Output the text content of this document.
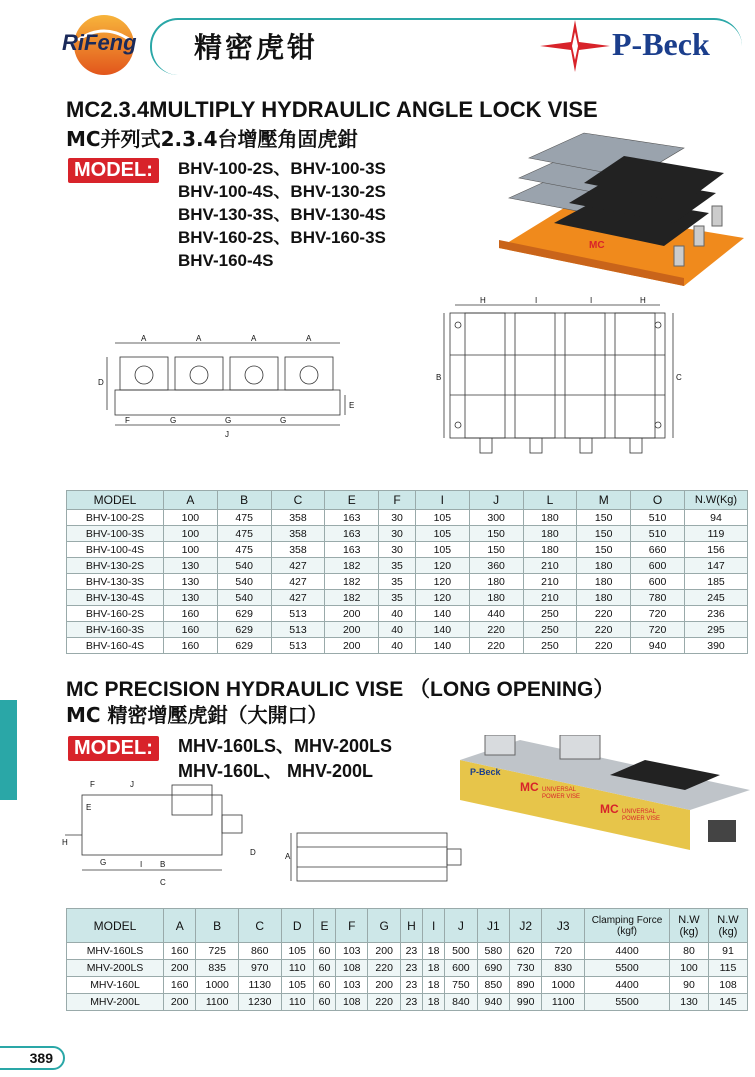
RiFeng 精密虎钳	P-Beck
MC2.3.4MULTIPLY HYDRAULIC ANGLE LOCK VISE
MC并列式2.3.4台增壓角固虎鉗
MODEL:	BHV-100-2S、BHV-100-3S
BHV-100-4S、BHV-130-2S
BHV-130-3S、BHV-130-4S
BHV-160-2S、BHV-160-3S
BHV-160-4S
MC
A	A	A	A
D
E
F	G	G	G
J
H	I	I	H
B	C
MODEL	A	B	C	E	F	I	J	L	M	O	N.W(Kg)
BHV-100-2S	100	475	358	163	30	105	300	180	150	510	94
BHV-100-3S	100	475	358	163	30	105	150	180	150	510	119
BHV-100-4S	100	475	358	163	30	105	150	180	150	660	156
BHV-130-2S	130	540	427	182	35	120	360	210	180	600	147
BHV-130-3S	130	540	427	182	35	120	180	210	180	600	185
BHV-130-4S	130	540	427	182	35	120	180	210	180	780	245
BHV-160-2S	160	629	513	200	40	140	440	250	220	720	236
BHV-160-3S	160	629	513	200	40	140	220	250	220	720	295
BHV-160-4S	160	629	513	200	40	140	220	250	220	940	390
MC PRECISION HYDRAULIC VISE （LONG OPENING）
MC 精密增壓虎鉗（大開口）
MODEL:	MHV-160LS、MHV-200LS
MHV-160L、 MHV-200L	P-Beck
MC UNIVERSAL
POWER VISE
MC UNIVERSAL
POWER VISE
F	J
E
H
G	I B
C
D	A
MODEL	A	B	C	D	E	F	G	H	I	J	J1	J2	J3	Clamping Force (kgf)	N.W (kg)	N.W (kg)
MHV-160LS	160	725	860	105	60	103	200	23	18	500	580	620	720	4400	80	91
MHV-200LS	200	835	970	110	60	108	220	23	18	600	690	730	830	5500	100	115
MHV-160L	160	1000	1130	105	60	103	200	23	18	750	850	890	1000	4400	90	108
MHV-200L	200	1100	1230	110	60	108	220	23	18	840	940	990	1100	5500	130	145
389
